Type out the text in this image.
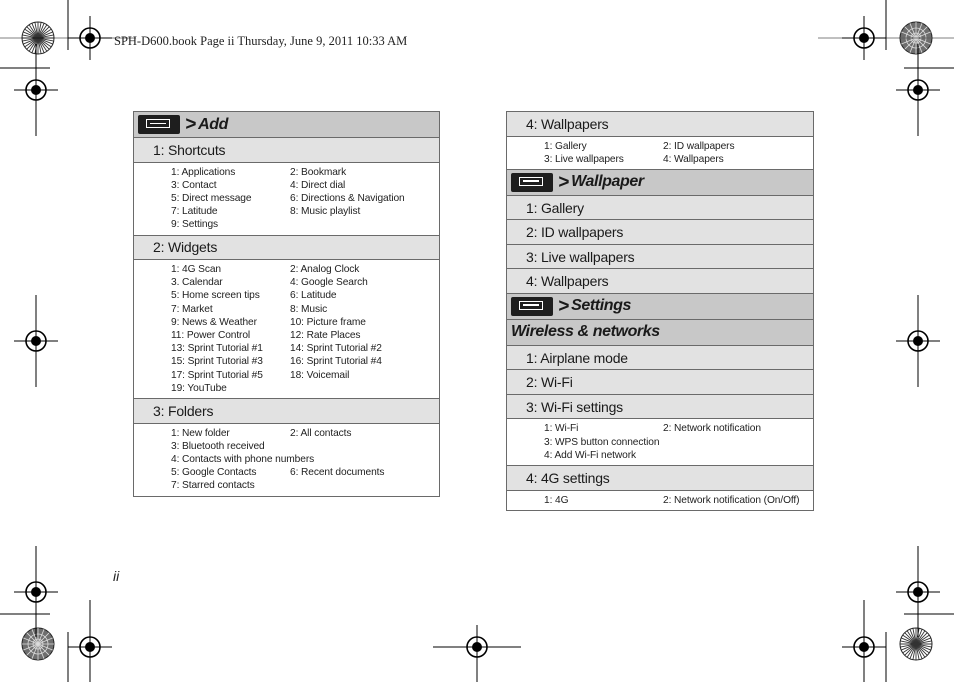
SPH-D600.book Page ii Thursday, June 9, 2011 10:33 AM
> Add
1: Shortcuts
1: Applications	2: Bookmark
3: Contact	4: Direct dial
5: Direct message	6: Directions & Navigation
7: Latitude	8: Music playlist
9: Settings
2: Widgets
1: 4G Scan	2: Analog Clock
3. Calendar	4: Google Search
5: Home screen tips	6: Latitude
7: Market	8: Music
9: News & Weather	10: Picture frame
11: Power Control	12: Rate Places
13: Sprint Tutorial #1	14: Sprint Tutorial #2
15: Sprint Tutorial #3	16: Sprint Tutorial #4
17: Sprint Tutorial #5	18: Voicemail
19: YouTube
3: Folders
1: New folder	2: All contacts
3: Bluetooth received
4: Contacts with phone numbers
5: Google Contacts	6: Recent documents
7: Starred contacts
4: Wallpapers
1: Gallery	2: ID wallpapers
3: Live wallpapers	4: Wallpapers
> Wallpaper
1: Gallery
2: ID wallpapers
3: Live wallpapers
4: Wallpapers
> Settings
Wireless & networks
1: Airplane mode
2: Wi-Fi
3: Wi-Fi settings
1: Wi-Fi	2: Network notification
3: WPS button connection
4: Add Wi-Fi network
4: 4G settings
1: 4G	2: Network notification (On/Off)
ii
